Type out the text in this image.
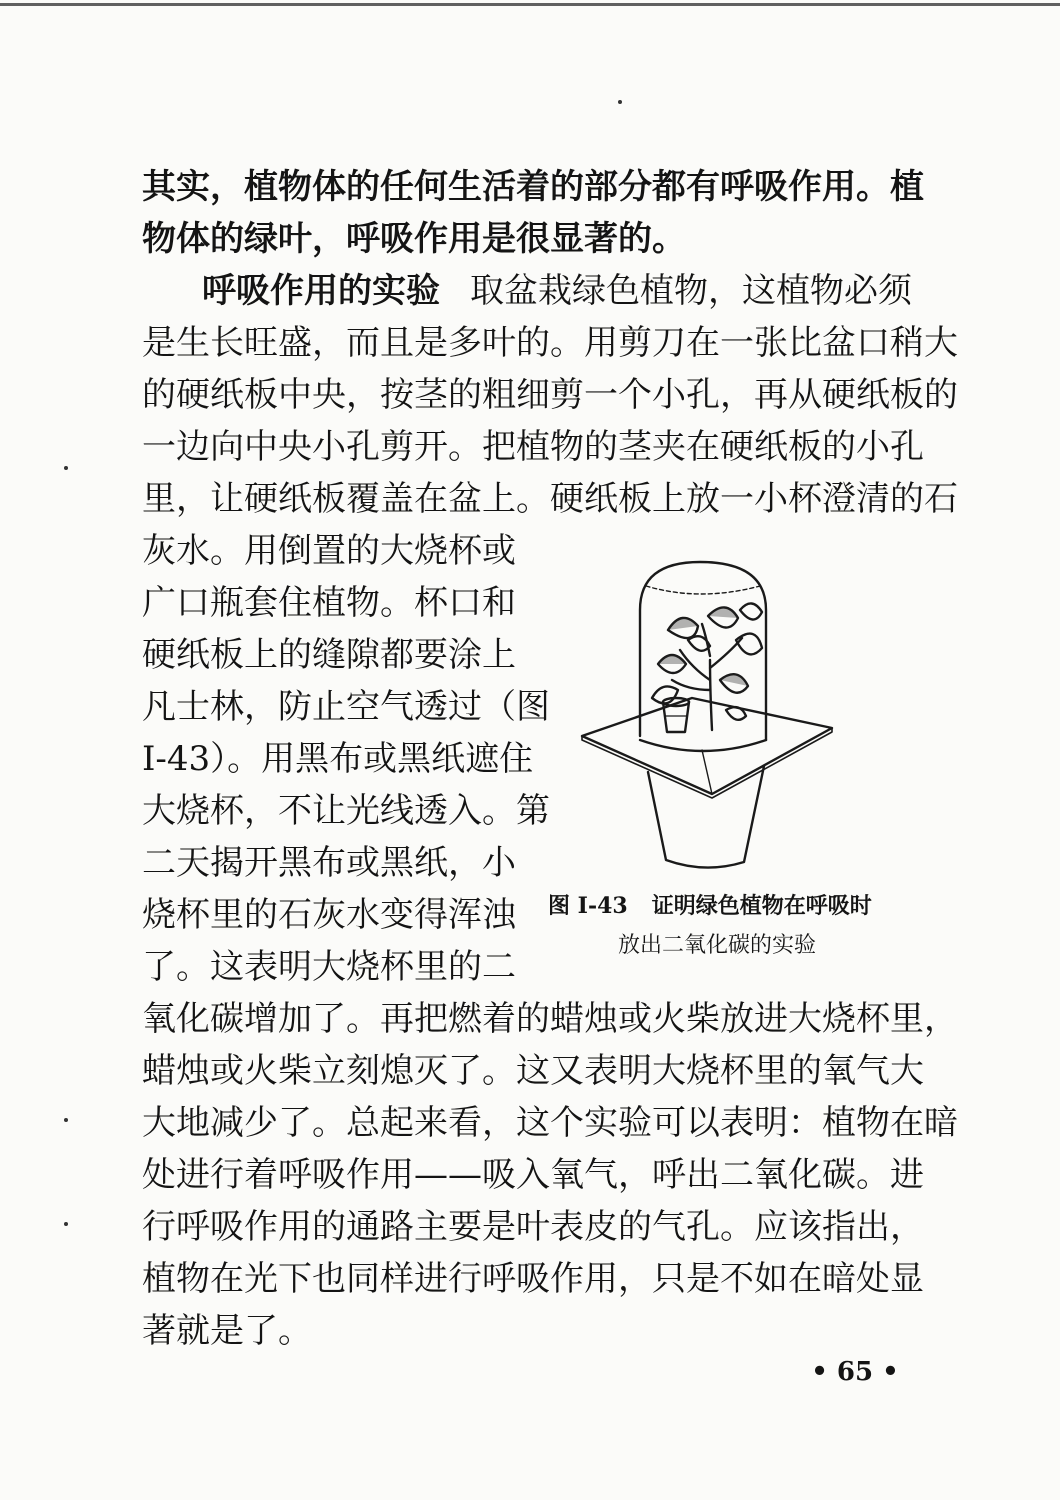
其实，植物体的任何生活着的部分都有呼吸作用。植
物体的绿叶，呼吸作用是很显著的。
呼吸作用的实验 取盆栽绿色植物，这植物必须
是生长旺盛，而且是多叶的。用剪刀在一张比盆口稍大
的硬纸板中央，按茎的粗细剪一个小孔，再从硬纸板的
一边向中央小孔剪开。把植物的茎夹在硬纸板的小孔
里，让硬纸板覆盖在盆上。硬纸板上放一小杯澄清的石
灰水。用倒置的大烧杯或
广口瓶套住植物。杯口和
硬纸板上的缝隙都要涂上
凡士林，防止空气透过（图
I-43）。用黑布或黑纸遮住
大烧杯，不让光线透入。第
二天揭开黑布或黑纸，小
烧杯里的石灰水变得浑浊
了。这表明大烧杯里的二
氧化碳增加了。再把燃着的蜡烛或火柴放进大烧杯里，
蜡烛或火柴立刻熄灭了。这又表明大烧杯里的氧气大
大地减少了。总起来看，这个实验可以表明：植物在暗
处进行着呼吸作用——吸入氧气，呼出二氧化碳。进
行呼吸作用的通路主要是叶表皮的气孔。应该指出，
植物在光下也同样进行呼吸作用，只是不如在暗处显
著就是了。
图 I-43 证明绿色植物在呼吸时
放出二氧化碳的实验
• 65 •
